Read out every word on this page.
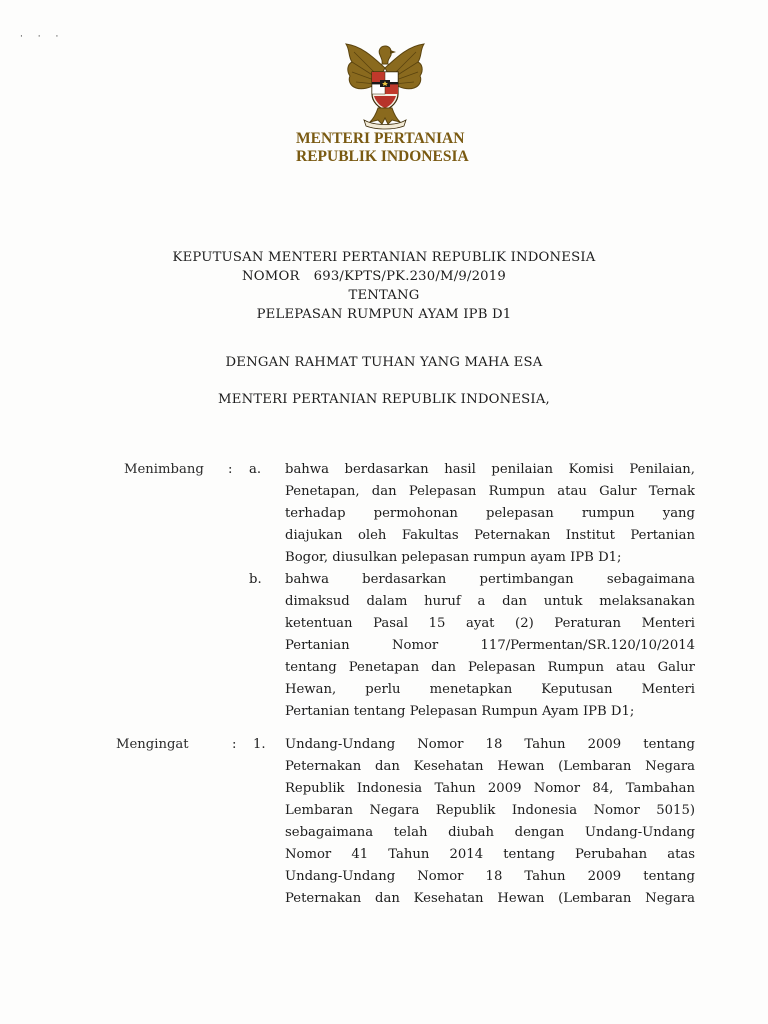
· · ·
MENTERI PERTANIAN
REPUBLIK INDONESIA
KEPUTUSAN MENTERI PERTANIAN REPUBLIK INDONESIA
NOMOR 693/KPTS/PK.230/M/9/2019
TENTANG
PELEPASAN RUMPUN AYAM IPB D1
DENGAN RAHMAT TUHAN YANG MAHA ESA
MENTERI PERTANIAN REPUBLIK INDONESIA,
Menimbang : a. bahwa berdasarkan hasil penilaian Komisi Penilaian,
Penetapan, dan Pelepasan Rumpun atau Galur Ternak
terhadap permohonan pelepasan rumpun yang
diajukan oleh Fakultas Peternakan Institut Pertanian
Bogor, diusulkan pelepasan rumpun ayam IPB D1;
b. bahwa berdasarkan pertimbangan sebagaimana
dimaksud dalam huruf a dan untuk melaksanakan
ketentuan Pasal 15 ayat (2) Peraturan Menteri
Pertanian Nomor 117/Permentan/SR.120/10/2014
tentang Penetapan dan Pelepasan Rumpun atau Galur
Hewan, perlu menetapkan Keputusan Menteri
Pertanian tentang Pelepasan Rumpun Ayam IPB D1;
Mengingat	: 1. Undang-Undang Nomor 18 Tahun 2009 tentang
Peternakan dan Kesehatan Hewan (Lembaran Negara
Republik Indonesia Tahun 2009 Nomor 84, Tambahan
Lembaran Negara Republik Indonesia Nomor 5015)
sebagaimana telah diubah dengan Undang-Undang
Nomor 41 Tahun 2014 tentang Perubahan atas
Undang-Undang Nomor 18 Tahun 2009 tentang
Peternakan dan Kesehatan Hewan (Lembaran Negara
